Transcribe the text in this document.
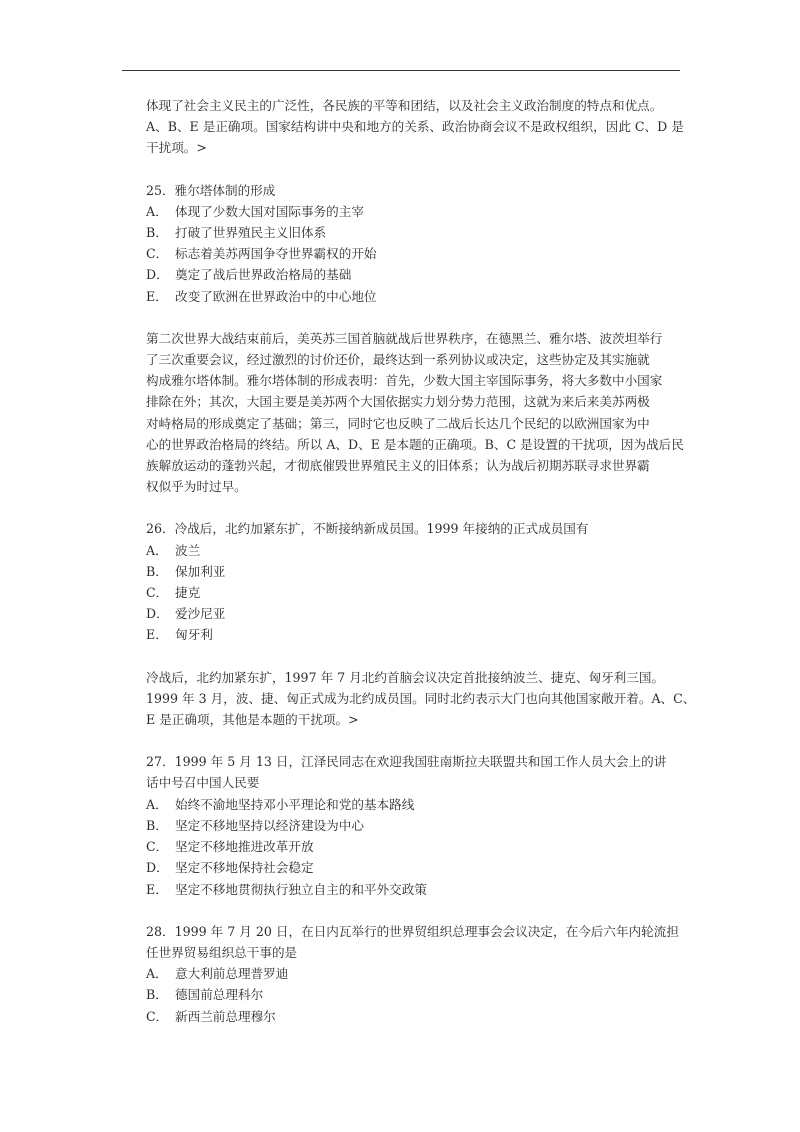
体现了社会主义民主的广泛性，各民族的平等和团结，以及社会主义政治制度的特点和优点。
A、B、E 是正确项。国家结构讲中央和地方的关系、政治协商会议不是政权组织，因此 C、D 是
干扰项。>
25．雅尔塔体制的形成
A． 体现了少数大国对国际事务的主宰
B． 打破了世界殖民主义旧体系
C． 标志着美苏两国争夺世界霸权的开始
D． 奠定了战后世界政治格局的基础
E． 改变了欧洲在世界政治中的中心地位
第二次世界大战结束前后，美英苏三国首脑就战后世界秩序，在德黑兰、雅尔塔、波茨坦举行
了三次重要会议，经过激烈的讨价还价，最终达到一系列协议或决定，这些协定及其实施就
构成雅尔塔体制。雅尔塔体制的形成表明：首先，少数大国主宰国际事务，将大多数中小国家
排除在外；其次，大国主要是美苏两个大国依据实力划分势力范围，这就为来后来美苏两极
对峙格局的形成奠定了基础；第三，同时它也反映了二战后长达几个民纪的以欧洲国家为中
心的世界政治格局的终结。所以 A、D、E 是本题的正确项。B、C 是设置的干扰项，因为战后民
族解放运动的蓬勃兴起，才彻底催毁世界殖民主义的旧体系；认为战后初期苏联寻求世界霸
权似乎为时过早。
26．冷战后，北约加紧东扩，不断接纳新成员国。1999 年接纳的正式成员国有
A． 波兰
B． 保加利亚
C． 捷克
D． 爱沙尼亚
E． 匈牙利
冷战后，北约加紧东扩，1997 年 7 月北约首脑会议决定首批接纳波兰、捷克、匈牙利三国。
1999 年 3 月，波、捷、匈正式成为北约成员国。同时北约表示大门也向其他国家敞开着。A、C、
E 是正确项，其他是本题的干扰项。>
27．1999 年 5 月 13 日，江泽民同志在欢迎我国驻南斯拉夫联盟共和国工作人员大会上的讲
话中号召中国人民要
A． 始终不渝地坚持邓小平理论和党的基本路线
B． 坚定不移地坚持以经济建设为中心
C． 坚定不移地推进改革开放
D． 坚定不移地保持社会稳定
E． 坚定不移地贯彻执行独立自主的和平外交政策
28．1999 年 7 月 20 日，在日内瓦举行的世界贸组织总理事会会议决定，在今后六年内轮流担
任世界贸易组织总干事的是
A． 意大利前总理普罗迪
B． 德国前总理科尔
C． 新西兰前总理穆尔
